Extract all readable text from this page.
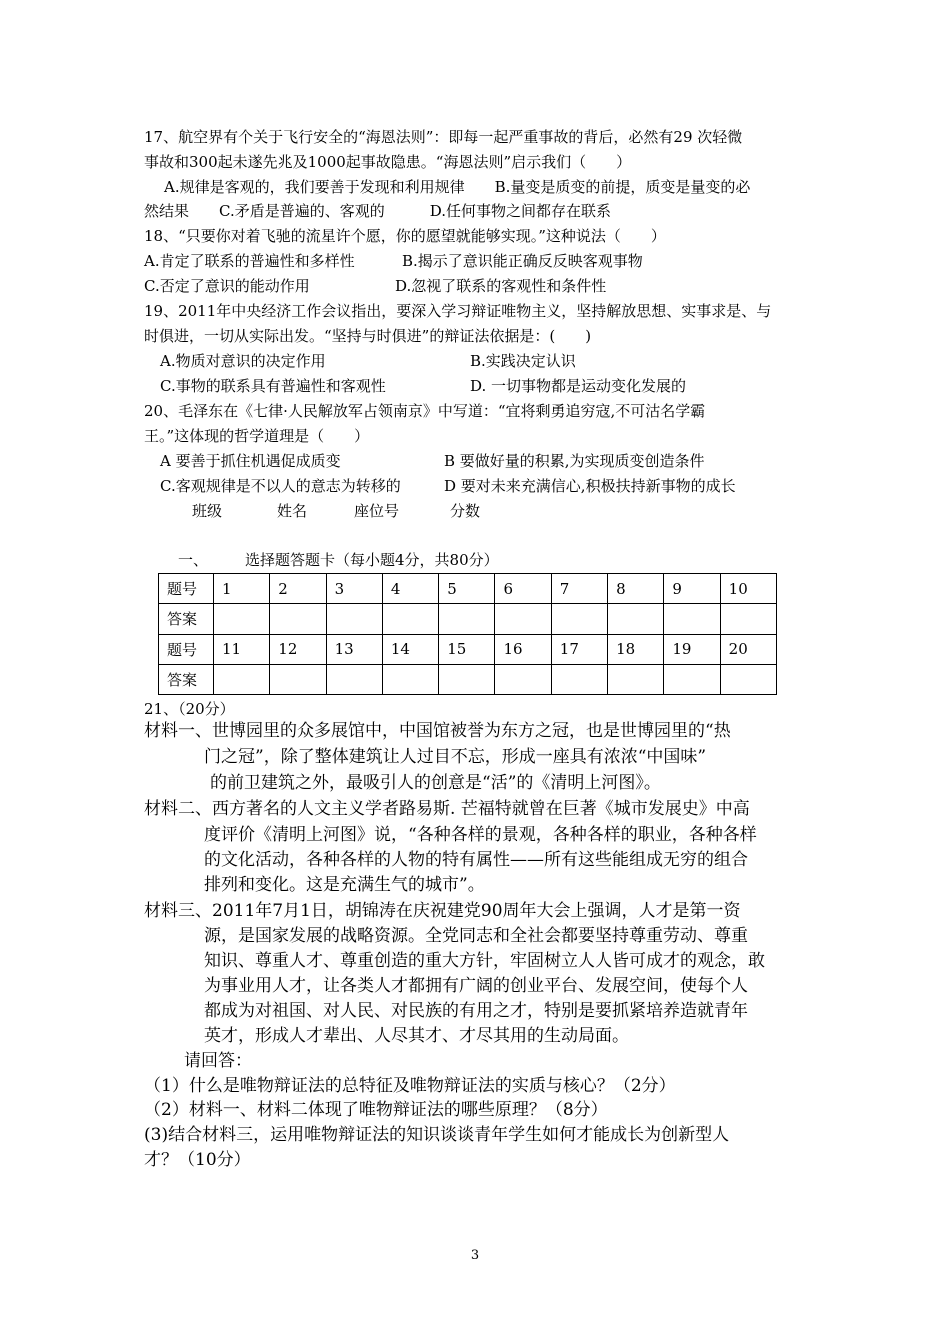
17、航空界有个关于飞行安全的“海恩法则”：即每一起严重事故的背后，必然有29 次轻微
事故和300起未遂先兆及1000起事故隐患。“海恩法则”启示我们（　　）
A.规律是客观的，我们要善于发现和利用规律　　B.量变是质变的前提，质变是量变的必
然结果　　C.矛盾是普遍的、客观的　　　D.任何事物之间都存在联系
18、“只要你对着飞驰的流星许个愿，你的愿望就能够实现。”这种说法（　　）
A.肯定了联系的普遍性和多样性	B.揭示了意识能正确反反映客观事物
C.否定了意识的能动作用	D.忽视了联系的客观性和条件性
19、2011年中央经济工作会议指出，要深入学习辩证唯物主义，坚持解放思想、实事求是、与
时俱进，一切从实际出发。“坚持与时俱进”的辩证法依据是：(　　)
A.物质对意识的决定作用	B.实践决定认识
C.事物的联系具有普遍性和客观性	D. 一切事物都是运动变化发展的
20、毛泽东在《七律·人民解放军占领南京》中写道：“宜将剩勇追穷寇,不可沽名学霸
王。”这体现的哲学道理是（　　）
A 要善于抓住机遇促成质变	B 要做好量的积累,为实现质变创造条件
C.客观规律是不以人的意志为转移的	D 要对未来充满信心,积极扶持新事物的成长
班级	姓名	座位号	分数
一、 选择题答题卡（每小题4分，共80分）
题号	1	2	3	4	5	6	7	8	9	10
答案										
题号	11	12	13	14	15	16	17	18	19	20
答案										
21、（20分）
材料一、世博园里的众多展馆中，中国馆被誉为东方之冠，也是世博园里的“热
门之冠”，除了整体建筑让人过目不忘，形成一座具有浓浓“中国味”
的前卫建筑之外，最吸引人的创意是“活”的《清明上河图》。
材料二、西方著名的人文主义学者路易斯. 芒福特就曾在巨著《城市发展史》中高
度评价《清明上河图》说，“各种各样的景观，各种各样的职业，各种各样
的文化活动，各种各样的人物的特有属性——所有这些能组成无穷的组合
排列和变化。这是充满生气的城市”。
材料三、2011年7月1日，胡锦涛在庆祝建党90周年大会上强调，人才是第一资
源，是国家发展的战略资源。全党同志和全社会都要坚持尊重劳动、尊重
知识、尊重人才、尊重创造的重大方针，牢固树立人人皆可成才的观念，敢
为事业用人才，让各类人才都拥有广阔的创业平台、发展空间，使每个人
都成为对祖国、对人民、对民族的有用之才，特别是要抓紧培养造就青年
英才，形成人才辈出、人尽其才、才尽其用的生动局面。
请回答：
（1）什么是唯物辩证法的总特征及唯物辩证法的实质与核心？（2分）
（2）材料一、材料二体现了唯物辩证法的哪些原理？（8分）
(3)结合材料三，运用唯物辩证法的知识谈谈青年学生如何才能成长为创新型人
才？（10分）
3
